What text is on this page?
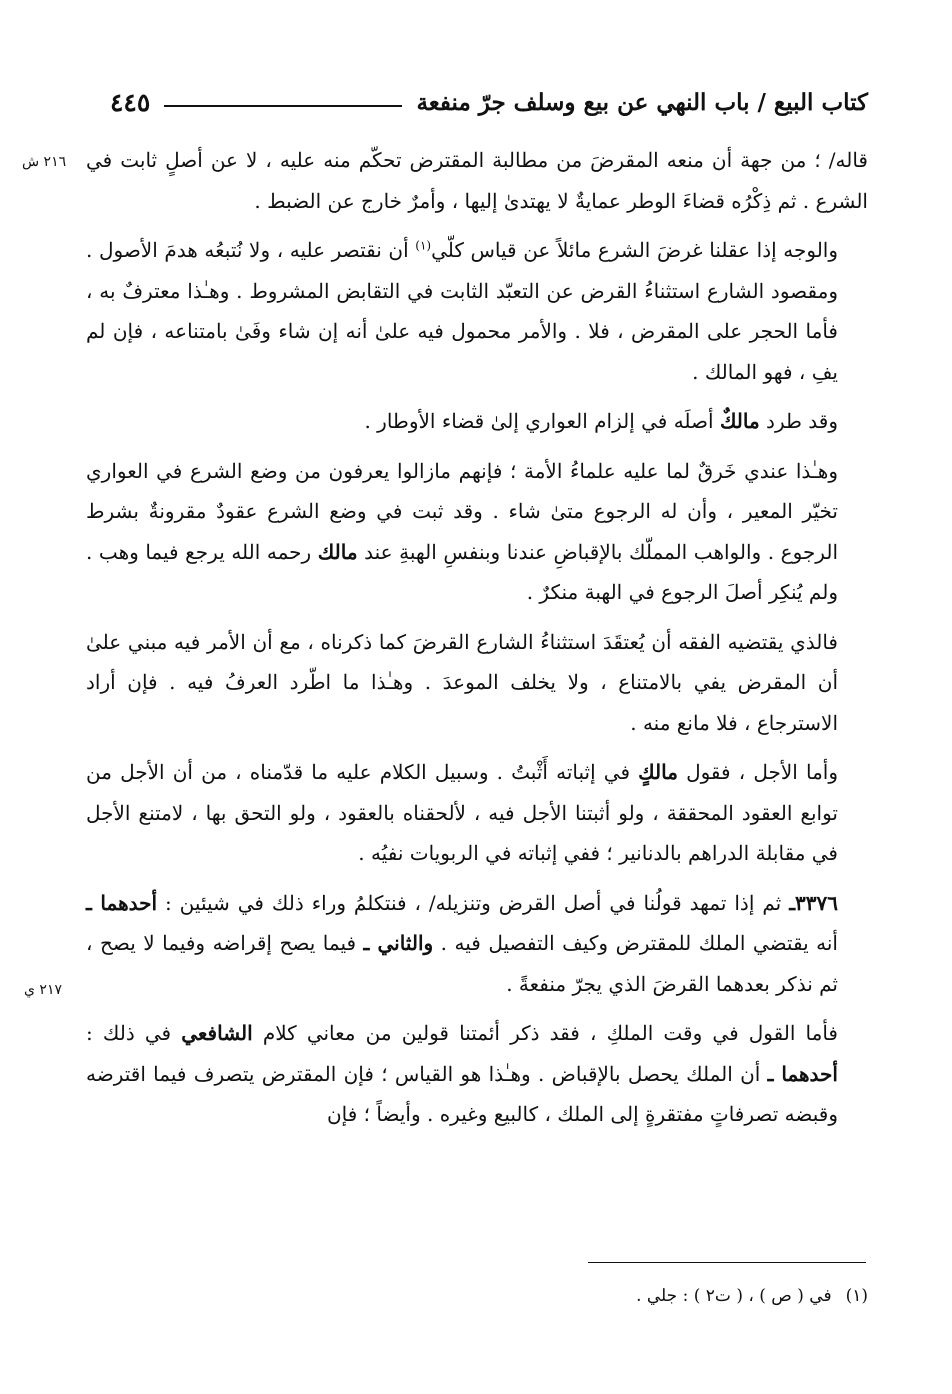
كتاب البيع / باب النهي عن بيع وسلف جرّ منفعة
٤٤٥
٢١٦ ش
٢١٧ ي

قاله/ ؛ من جهة أن منعه المقرضَ من مطالبة المقترض تحكّم منه عليه ، لا عن أصلٍ ثابت في الشرع . ثم ذِكْرُه قضاءَ الوطر عمايةٌ لا يهتدىٰ إليها ، وأمرٌ خارج عن الضبط .

والوجه إذا عقلنا غرضَ الشرع مائلاً عن قياس كلّي$^{(١)}$ أن نقتصر عليه ، ولا نُتبعُه هدمَ الأصول . ومقصود الشارع استثناءُ القرض عن التعبّد الثابت في التقابض المشروط . وهـٰذا معترفٌ به ، فأما الحجر على المقرض ، فلا . والأمر محمول فيه علىٰ أنه إن شاء وفَىٰ بامتناعه ، فإن لم يفِ ، فهو المالك .

وقد طرد مالكٌ أصلَه في إلزام العواري إلىٰ قضاء الأوطار .

وهـٰذا عندي خَرقٌ لما عليه علماءُ الأمة ؛ فإنهم مازالوا يعرفون من وضع الشرع في العواري تخيّر المعير ، وأن له الرجوع متىٰ شاء . وقد ثبت في وضع الشرع عقودٌ مقرونةٌ بشرط الرجوع . والواهب المملّك بالإقباضِ عندنا وبنفسِ الهبةِ عند مالك رحمه الله يرجع فيما وهب . ولم يُنكِر أصلَ الرجوع في الهبة منكرٌ .

فالذي يقتضيه الفقه أن يُعتقَدَ استثناءُ الشارع القرضَ كما ذكرناه ، مع أن الأمر فيه مبني علىٰ أن المقرض يفي بالامتناع ، ولا يخلف الموعدَ . وهـٰذا ما اطّرد العرفُ فيه . فإن أراد الاسترجاع ، فلا مانع منه .

وأما الأجل ، فقول مالكٍ في إثباته أَثْبتُ . وسبيل الكلام عليه ما قدّمناه ، من أن الأجل من توابع العقود المحققة ، ولو أثبتنا الأجل فيه ، لألحقناه بالعقود ، ولو التحق بها ، لامتنع الأجل في مقابلة الدراهم بالدنانير ؛ ففي إثباته في الربويات نفيُه .

٣٣٧٦ـ ثم إذا تمهد قولُنا في أصل القرض وتنزيله/ ، فنتكلمُ وراء ذلك في شيئين : أحدهما ـ أنه يقتضي الملك للمقترض وكيف التفصيل فيه . والثاني ـ فيما يصح إقراضه وفيما لا يصح ، ثم نذكر بعدهما القرضَ الذي يجرّ منفعةً .

فأما القول في وقت الملكِ ، فقد ذكر أئمتنا قولين من معاني كلام الشافعي في ذلك : أحدهما ـ أن الملك يحصل بالإقباض . وهـٰذا هو القياس ؛ فإن المقترض يتصرف فيما اقترضه وقبضه تصرفاتٍ مفتقرةٍ إلى الملك ، كالبيع وغيره . وأيضاً ؛ فإن

(١)في ( ص ) ، ( ت٢ ) : جلي .
